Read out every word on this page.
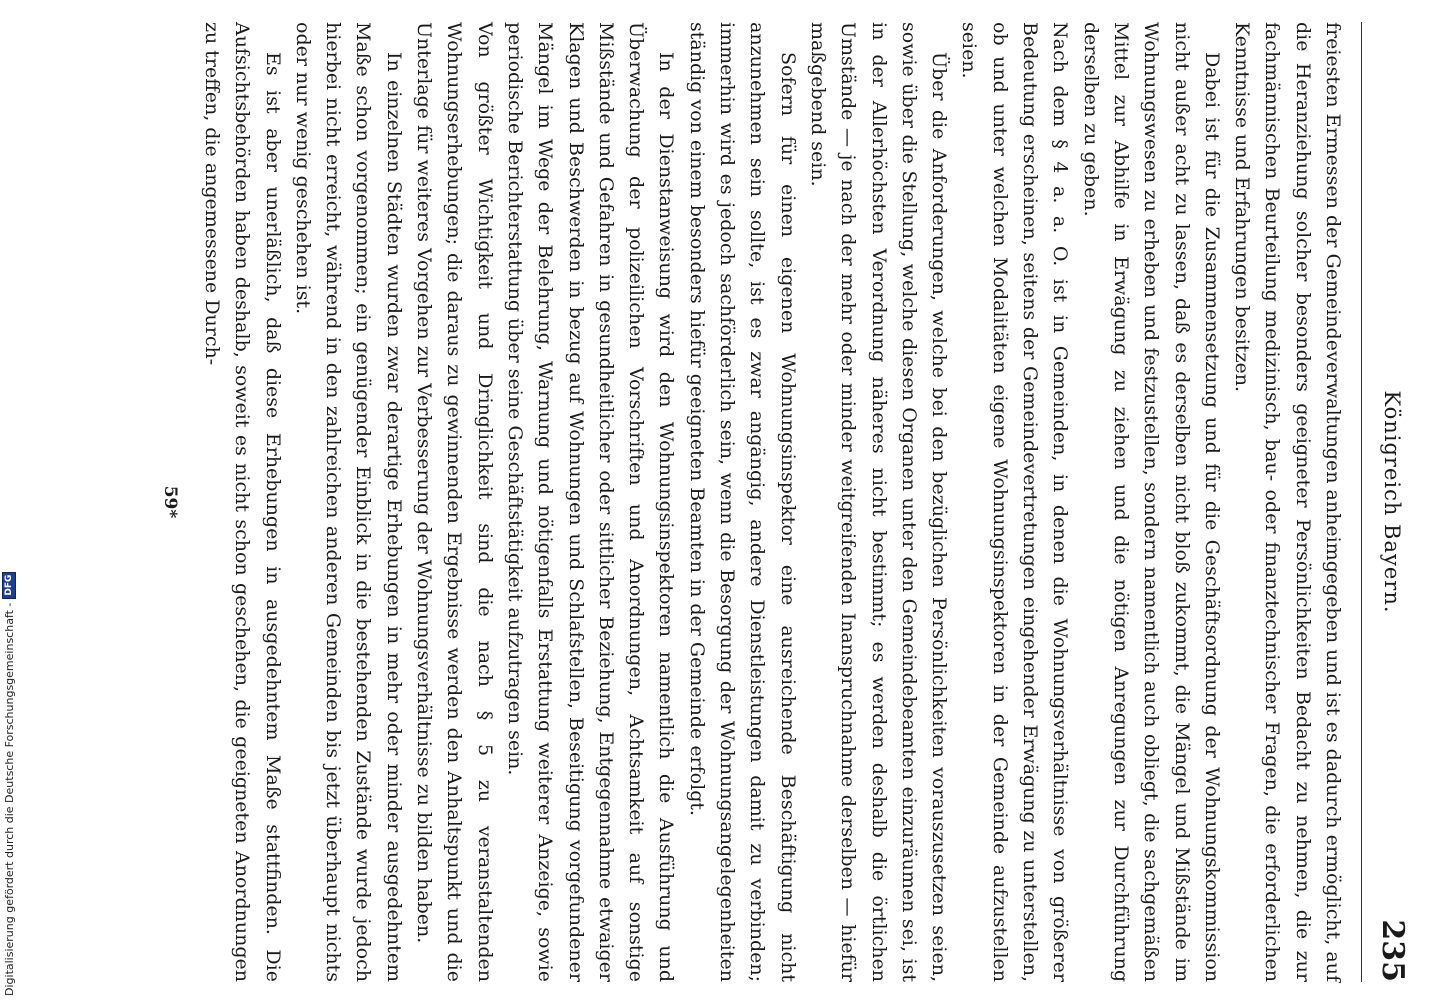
Königreich Bayern.
235

freiesten Ermessen der Gemeindeverwaltungen anheimgegeben und ist es dadurch ermöglicht, auf die Heranziehung solcher besonders geeigneter Persönlichkeiten Bedacht zu nehmen, die zur fachmännischen Beurteilung medizinisch, bau- oder finanztechnischer Fragen, die erforderlichen Kenntnisse und Erfahrungen besitzen.

Dabei ist für die Zusammensetzung und für die Geschäftsordnung der Wohnungskommission nicht außer acht zu lassen, daß es derselben nicht bloß zukommt, die Mängel und Mißstände im Wohnungswesen zu erheben und festzustellen, sondern namentlich auch obliegt, die sachgemäßen Mittel zur Abhilfe in Erwägung zu ziehen und die nötigen Anregungen zur Durchführung derselben zu geben.

Nach dem § 4 a. a. O. ist in Gemeinden, in denen die Wohnungsverhältnisse von größerer Bedeutung erscheinen, seitens der Gemeindevertretungen eingehender Erwägung zu unterstellen, ob und unter welchen Modalitäten eigene Wohnungsinspektoren in der Gemeinde aufzustellen seien.

Über die Anforderungen, welche bei den bezüglichen Persönlichkeiten vorauszusetzen seien, sowie über die Stellung, welche diesen Organen unter den Gemeindebeamten einzuräumen sei, ist in der Allerhöchsten Verordnung näheres nicht bestimmt; es werden deshalb die örtlichen Umstände — je nach der mehr oder minder weitgreifenden Inanspruchnahme derselben — hiefür maßgebend sein.

Sofern für einen eigenen Wohnungsinspektor eine ausreichende Beschäftigung nicht anzunehmen sein sollte, ist es zwar angängig, andere Dienstleistungen damit zu verbinden; immerhin wird es jedoch sachförderlich sein, wenn die Besorgung der Wohnungsangelegenheiten ständig von einem besonders hiefür geeigneten Beamten in der Gemeinde erfolgt.

In der Dienstanweisung wird den Wohnungsinspektoren namentlich die Ausführung und Überwachung der polizeilichen Vorschriften und Anordnungen, Achtsamkeit auf sonstige Mißstände und Gefahren in gesundheitlicher oder sittlicher Beziehung, Entgegennahme etwaiger Klagen und Beschwerden in bezug auf Wohnungen und Schlafstellen, Beseitigung vorgefundener Mängel im Wege der Belehrung, Warnung und nötigenfalls Erstattung weiterer Anzeige, sowie periodische Berichterstattung über seine Geschäftstätigkeit aufzutragen sein.

Von größter Wichtigkeit und Dringlichkeit sind die nach § 5 zu veranstaltenden Wohnungserhebungen; die daraus zu gewinnenden Ergebnisse werden den Anhaltspunkt und die Unterlage für weiteres Vorgehen zur Verbesserung der Wohnungsverhältnisse zu bilden haben.

In einzelnen Städten wurden zwar derartige Erhebungen in mehr oder minder ausgedehntem Maße schon vorgenommen; ein genügender Einblick in die bestehenden Zustände wurde jedoch hierbei nicht erreicht, während in den zahlreichen anderen Gemeinden bis jetzt überhaupt nichts oder nur wenig geschehen ist.

Es ist aber unerläßlich, daß diese Erhebungen in ausgedehntem Maße stattfinden. Die Aufsichtsbehörden haben deshalb, soweit es nicht schon geschehen, die geeigneten Anordnungen zu treffen, die angemessene Durch-

59*
Digitalisierung gefördert durch die Deutsche Forschungsgemeinschaft -
DFG
